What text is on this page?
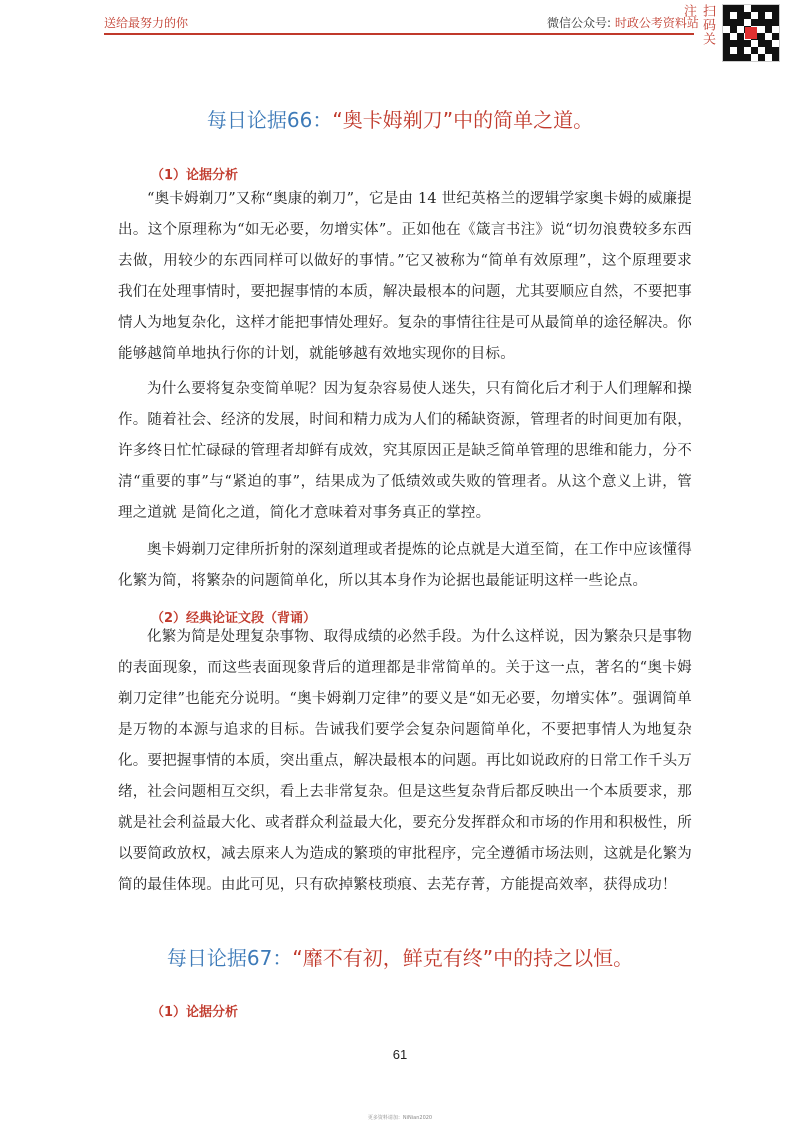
送给最努力的你	微信公众号: 时政公考资料站 扫码关注
每日论据66：“奥卡姆剃刀”中的简单之道。
（1）论据分析
“奥卡姆剃刀”又称“奥康的剃刀”，它是由 14 世纪英格兰的逻辑学家奥卡姆的威廉提出。这个原理称为“如无必要，勿增实体”。正如他在《箴言书注》说“切勿浪费较多东西去做，用较少的东西同样可以做好的事情。”它又被称为“简单有效原理”，这个原理要求我们在处理事情时，要把握事情的本质，解决最根本的问题，尤其要顺应自然，不要把事情人为地复杂化，这样才能把事情处理好。复杂的事情往往是可从最简单的途径解决。你能够越简单地执行你的计划，就能够越有效地实现你的目标。
为什么要将复杂变简单呢？因为复杂容易使人迷失，只有简化后才利于人们理解和操作。随着社会、经济的发展，时间和精力成为人们的稀缺资源，管理者的时间更加有限，许多终日忙忙碌碌的管理者却鲜有成效，究其原因正是缺乏简单管理的思维和能力，分不清“重要的事”与“紧迫的事”，结果成为了低绩效或失败的管理者。从这个意义上讲，管理之道就 是简化之道，简化才意味着对事务真正的掌控。
奥卡姆剃刀定律所折射的深刻道理或者提炼的论点就是大道至简，在工作中应该懂得化繁为简，将繁杂的问题简单化，所以其本身作为论据也最能证明这样一些论点。
（2）经典论证文段（背诵）
化繁为简是处理复杂事物、取得成绩的必然手段。为什么这样说，因为繁杂只是事物的表面现象，而这些表面现象背后的道理都是非常简单的。关于这一点，著名的“奥卡姆剃刀定律”也能充分说明。“奥卡姆剃刀定律”的要义是“如无必要，勿增实体”。强调简单是万物的本源与追求的目标。告诫我们要学会复杂问题简单化，不要把事情人为地复杂化。要把握事情的本质，突出重点，解决最根本的问题。再比如说政府的日常工作千头万绪，社会问题相互交织，看上去非常复杂。但是这些复杂背后都反映出一个本质要求，那就是社会利益最大化、或者群众利益最大化，要充分发挥群众和市场的作用和积极性，所以要简政放权，减去原来人为造成的繁琐的审批程序，完全遵循市场法则，这就是化繁为简的最佳体现。由此可见，只有砍掉繁枝琐痕、去芜存菁，方能提高效率，获得成功！
每日论据67：“靡不有初，鲜克有终”中的持之以恒。
（1）论据分析
61
更多资料请加：NiNian2020
